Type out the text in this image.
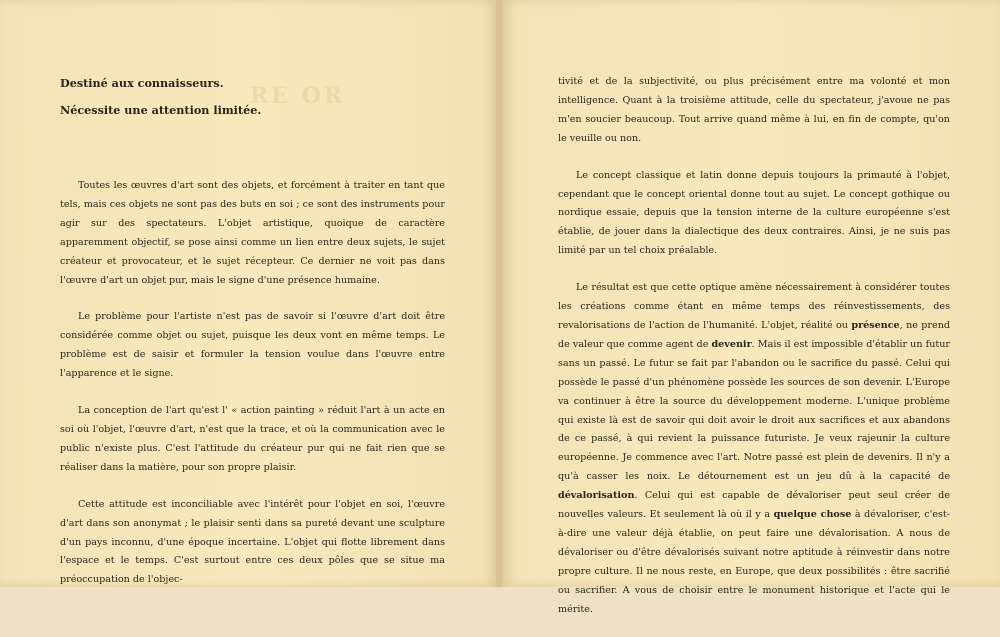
RE OR
Destiné aux connaisseurs.
Nécessite une attention limitée.

Toutes les œuvres d'art sont des objets, et forcément à traiter en tant que tels, mais ces objets ne sont pas des buts en soi ; ce sont des instruments pour agir sur des spectateurs. L'objet artistique, quoique de caractère apparemment objectif, se pose ainsi comme un lien entre deux sujets, le sujet créateur et provocateur, et le sujet récepteur. Ce dernier ne voit pas dans l'œuvre d'art un objet pur, mais le signe d'une présence humaine.

Le problème pour l'artiste n'est pas de savoir si l'œuvre d'art doit être considérée comme objet ou sujet, puisque les deux vont en même temps. Le problème est de saisir et formuler la tension voulue dans l'œuvre entre l'apparence et le signe.

La conception de l'art qu'est l' « action painting » réduit l'art à un acte en soi où l'objet, l'œuvre d'art, n'est que la trace, et où la communication avec le public n'existe plus. C'est l'attitude du créateur pur qui ne fait rien que se réaliser dans la matière, pour son propre plaisir.

Cette attitude est inconciliable avec l'intérêt pour l'objet en soi, l'œuvre d'art dans son anonymat ; le plaisir senti dans sa pureté devant une sculpture d'un pays inconnu, d'une époque incertaine. L'objet qui flotte librement dans l'espace et le temps. C'est surtout entre ces deux pôles que se situe ma préoccupation de l'objec-

tivité et de la subjectivité, ou plus précisément entre ma volonté et mon intelligence. Quant à la troisième attitude, celle du spectateur, j'avoue ne pas m'en soucier beaucoup. Tout arrive quand même à lui, en fin de compte, qu'on le veuille ou non.

Le concept classique et latin donne depuis toujours la primauté à l'objet, cependant que le concept oriental donne tout au sujet. Le concept gothique ou nordique essaie, depuis que la tension interne de la culture européenne s'est établie, de jouer dans la dialectique des deux contraires. Ainsi, je ne suis pas limité par un tel choix préalable.

Le résultat est que cette optique amène nécessairement à considérer toutes les créations comme étant en même temps des réinvestissements, des revalorisations de l'action de l'humanité. L'objet, réalité ou présence, ne prend de valeur que comme agent de devenir. Mais il est impossible d'établir un futur sans un passé. Le futur se fait par l'abandon ou le sacrifice du passé. Celui qui possède le passé d'un phénomène possède les sources de son devenir. L'Europe va continuer à être la source du développement moderne. L'unique problème qui existe là est de savoir qui doit avoir le droit aux sacrifices et aux abandons de ce passé, à qui revient la puissance futuriste. Je veux rajeunir la culture européenne. Je commence avec l'art. Notre passé est plein de devenirs. Il n'y a qu'à casser les noix. Le détournement est un jeu dû à la capacité de dévalorisation. Celui qui est capable de dévaloriser peut seul créer de nouvelles valeurs. Et seulement là où il y a quelque chose à dévaloriser, c'est-à-dire une valeur déjà établie, on peut faire une dévalorisation. A nous de dévaloriser ou d'être dévalorisés suivant notre aptitude à réinvestir dans notre propre culture. Il ne nous reste, en Europe, que deux possibilités : être sacrifié ou sacrifier. A vous de choisir entre le monument historique et l'acte qui le mérite.
